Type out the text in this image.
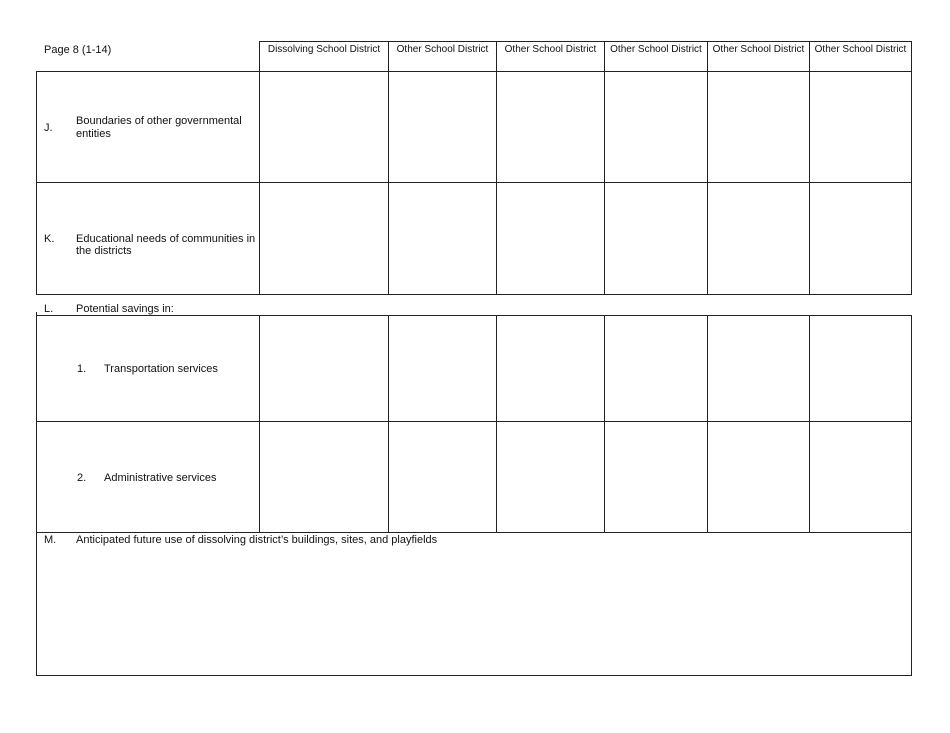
Page 8 (1-14)	Dissolving School District	Other School District	Other School District	Other School District	Other School District	Other School District
J.
Boundaries of other governmental
entities
K. Educational needs of communities in
the districts
L. Potential savings in:
1. Transportation services
2. Administrative services
M. Anticipated future use of dissolving district’s buildings, sites, and playfields
